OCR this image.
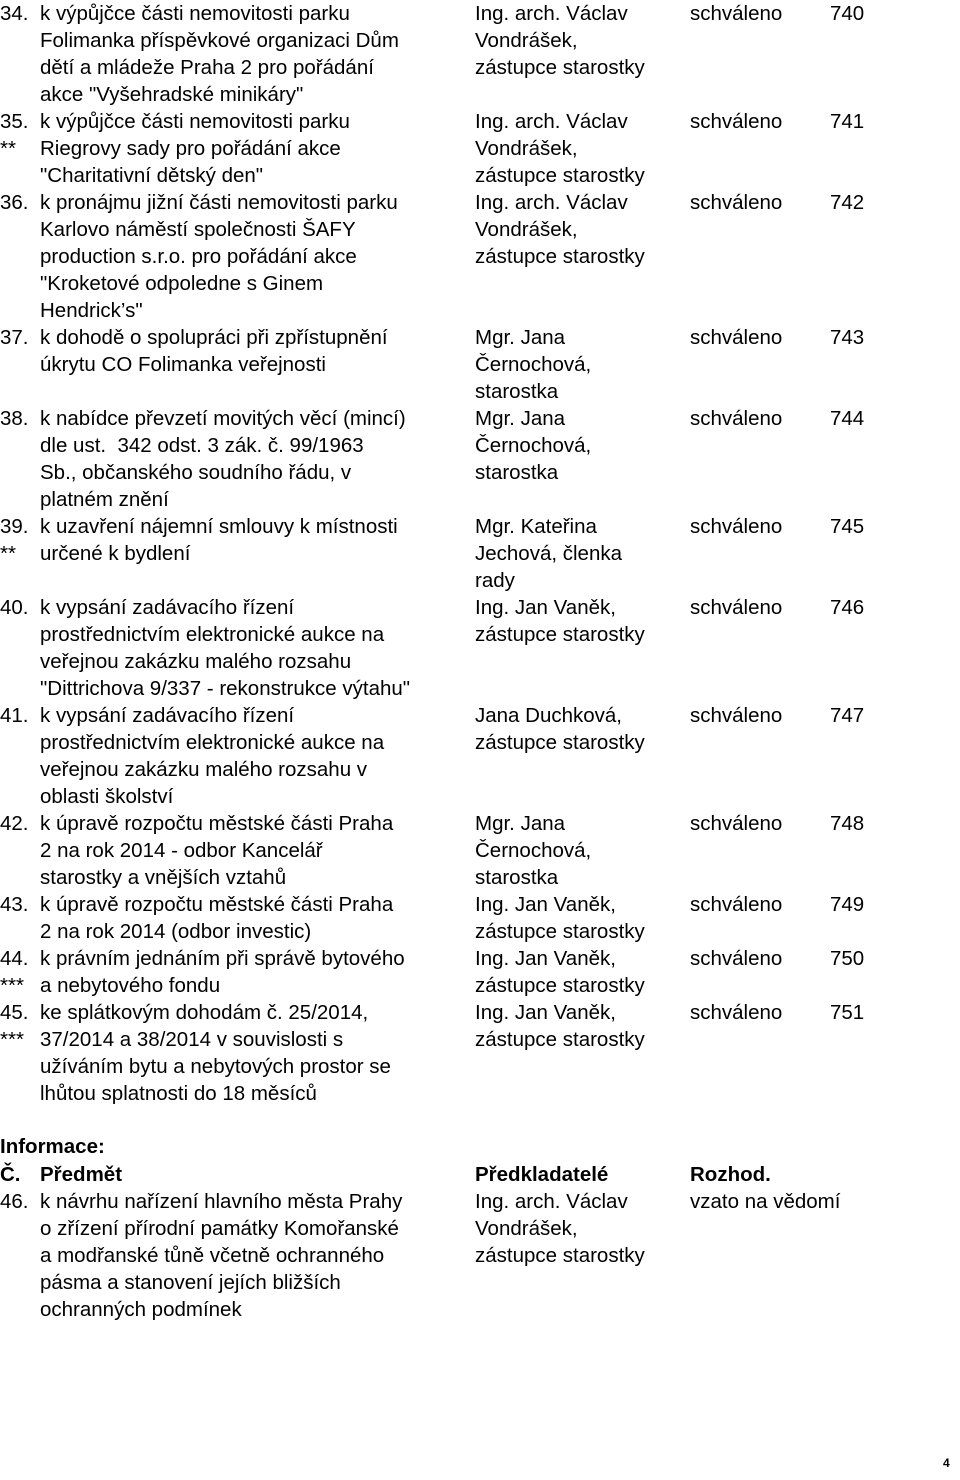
34. k výpůjčce části nemovitosti parku
Folimanka příspěvkové organizaci Dům
dětí a mládeže Praha 2 pro pořádání
akce "Vyšehradské minikáry"
Ing. arch. Václav
Vondrášek,
zástupce starostky
schváleno 740
35.
**
k výpůjčce části nemovitosti parku
Riegrovy sady pro pořádání akce
"Charitativní dětský den"
Ing. arch. Václav
Vondrášek,
zástupce starostky
schváleno 741
36. k pronájmu jižní části nemovitosti parku
Karlovo náměstí společnosti ŠAFY
production s.r.o. pro pořádání akce
"Kroketové odpoledne s Ginem
Hendrick’s"
Ing. arch. Václav
Vondrášek,
zástupce starostky
schváleno 742
37. k dohodě o spolupráci při zpřístupnění
úkrytu CO Folimanka veřejnosti
Mgr. Jana
Černochová,
starostka
schváleno 743
38. k nabídce převzetí movitých věcí (mincí)
dle ust.  342 odst. 3 zák. č. 99/1963
Sb., občanského soudního řádu, v
platném znění
Mgr. Jana
Černochová,
starostka
schváleno 744
39.
**
k uzavření nájemní smlouvy k místnosti
určené k bydlení
Mgr. Kateřina
Jechová, členka
rady
schváleno 745
40. k vypsání zadávacího řízení
prostřednictvím elektronické aukce na
veřejnou zakázku malého rozsahu
"Dittrichova 9/337 - rekonstrukce výtahu"
Ing. Jan Vaněk,
zástupce starostky
schváleno 746
41. k vypsání zadávacího řízení
prostřednictvím elektronické aukce na
veřejnou zakázku malého rozsahu v
oblasti školství
Jana Duchková,
zástupce starostky
schváleno 747
42. k úpravě rozpočtu městské části Praha
2 na rok 2014 - odbor Kancelář
starostky a vnějších vztahů
Mgr. Jana
Černochová,
starostka
schváleno 748
43. k úpravě rozpočtu městské části Praha
2 na rok 2014 (odbor investic)
Ing. Jan Vaněk,
zástupce starostky
schváleno 749
44.
***
k právním jednáním při správě bytového
a nebytového fondu
Ing. Jan Vaněk,
zástupce starostky
schváleno 750
45.
***
ke splátkovým dohodám č. 25/2014,
37/2014 a 38/2014 v souvislosti s
užíváním bytu a nebytových prostor se
lhůtou splatnosti do 18 měsíců
Ing. Jan Vaněk,
zástupce starostky
schváleno 751
Informace:
Č. Předmět	Předkladatelé	Rozhod.
46. k návrhu nařízení hlavního města Prahy
o zřízení přírodní památky Komořanské
a modřanské tůně včetně ochranného
pásma a stanovení jejích bližších
ochranných podmínek
Ing. arch. Václav
Vondrášek,
zástupce starostky
vzato na vědomí
4
